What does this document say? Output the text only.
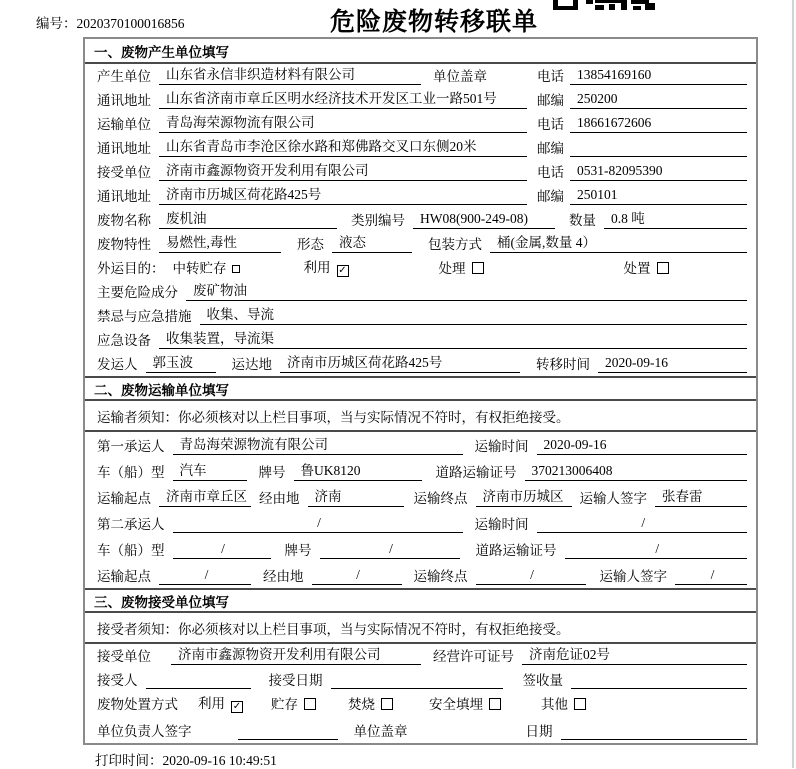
编号：2020370100016856	危险废物转移联单
一、废物产生单位填写
产生单位	山东省永信非织造材料有限公司	单位盖章	电话 13854169160
通讯地址	山东省济南市章丘区明水经济技术开发区工业一路501号	邮编 250200
运输单位	青岛海荣源物流有限公司	电话 18661672606
通讯地址	山东省青岛市李沧区徐水路和郑佛路交叉口东侧20米	邮编
接受单位	济南市鑫源物资开发利用有限公司	电话 0531-82095390
通讯地址	济南市历城区荷花路425号	邮编 250101
废物名称	废机油	类别编号	HW08(900-249-08)	数量	0.8 吨
废物特性	易燃性,毒性	形态	液态	包装方式	桶(金属,数量 4）
外运目的： 中转贮存	利用 ✓	处理	处置
主要危险成分	废矿物油
禁忌与应急措施	收集、导流
应急设备	收集装置，导流渠
发运人	郭玉波	运达地	济南市历城区荷花路425号	转移时间	2020-09-16
二、废物运输单位填写
运输者须知：你必须核对以上栏目事项，当与实际情况不符时，有权拒绝接受。
第一承运人	青岛海荣源物流有限公司	运输时间	2020-09-16
车（船）型	汽车	牌号	鲁UK8120	道路运输证号	370213006408
运输起点	济南市章丘区 经由地	济南	运输终点	济南市历城区	运输人签字	张春雷
第二承运人	/	运输时间	/
车（船）型	/	牌号	/	道路运输证号	/
运输起点	/	经由地	/	运输终点	/	运输人签字	/
三、废物接受单位填写
接受者须知：你必须核对以上栏目事项，当与实际情况不符时，有权拒绝接受。
接受单位	济南市鑫源物资开发利用有限公司	经营许可证号	济南危证02号
接受人	接受日期	签收量
废物处置方式 利用 ✓ 贮存	焚烧	安全填埋	其他
单位负责人签字	单位盖章	日期
打印时间：2020-09-16 10:49:51
